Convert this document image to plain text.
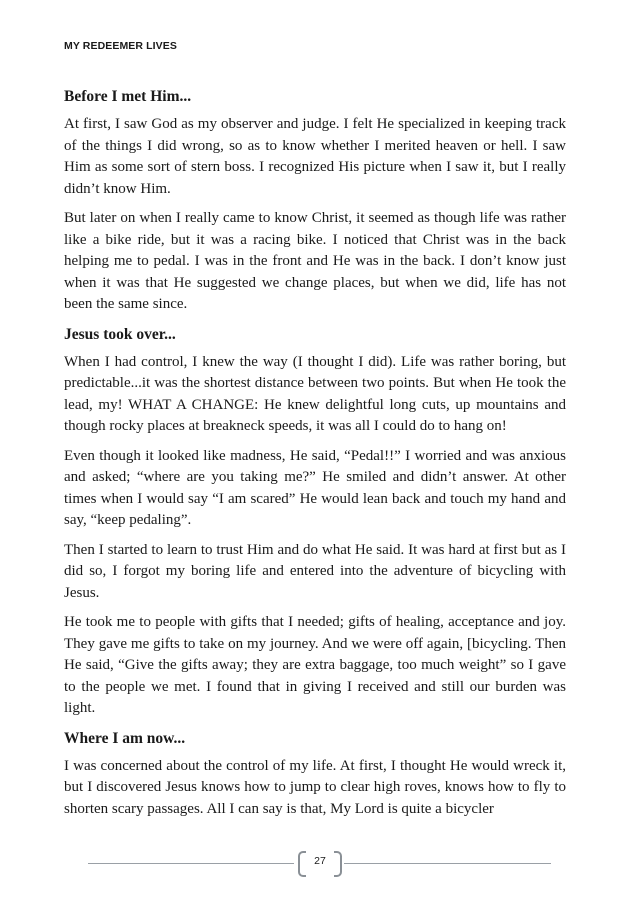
MY REDEEMER LIVES
Before I met Him...

At first, I saw God as my observer and judge. I felt He specialized in keeping track of the things I did wrong, so as to know whether I merited heaven or hell. I saw Him as some sort of stern boss. I recognized His picture when I saw it, but I really didn’t know Him.

But later on when I really came to know Christ, it seemed as though life was rather like a bike ride, but it was a racing bike. I noticed that Christ was in the back helping me to pedal. I was in the front and He was in the back. I don’t know just when it was that He suggested we change places, but when we did, life has not been the same since.

Jesus took over...

When I had control, I knew the way (I thought I did). Life was rather boring, but predictable...it was the shortest distance between two points. But when He took the lead, my! WHAT A CHANGE: He knew delightful long cuts, up mountains and though rocky places at breakneck speeds, it was all I could do to hang on!

Even though it looked like madness, He said, “Pedal!!” I worried and was anxious and asked; “where are you taking me?” He smiled and didn’t answer. At other times when I would say “I am scared” He would lean back and touch my hand and say, “keep pedaling”.

Then I started to learn to trust Him and do what He said. It was hard at first but as I did so, I forgot my boring life and entered into the adventure of bicycling with Jesus.

He took me to people with gifts that I needed; gifts of healing, acceptance and joy. They gave me gifts to take on my journey. And we were off again, [bicycling. Then He said, “Give the gifts away; they are extra baggage, too much weight” so I gave to the people we met. I found that in giving I received and still our burden was light.

Where I am now...

I was concerned about the control of my life. At first, I thought He would wreck it, but I discovered Jesus knows how to jump to clear high roves, knows how to fly to shorten scary passages. All I can say is that, My Lord is quite a bicycler

27
